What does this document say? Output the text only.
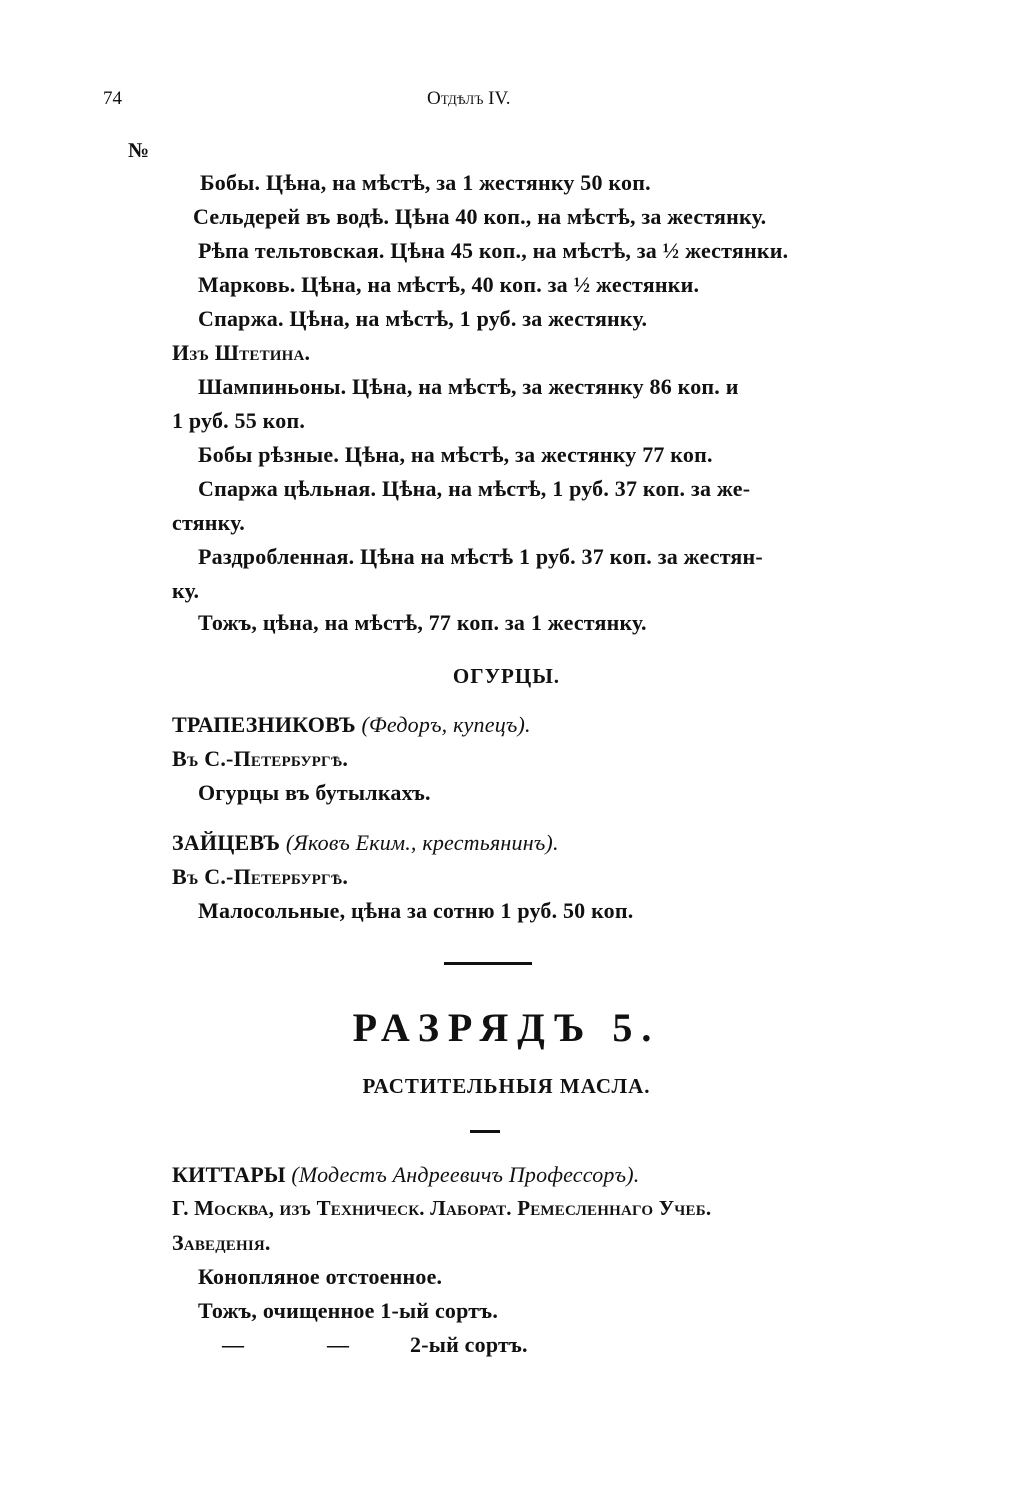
74	Отдѣлъ IV.
№
Бобы. Цѣна, на мѣстѣ, за 1 жестянку 50 коп.
Сельдерей въ водѣ. Цѣна 40 коп., на мѣстѣ, за жестянку.
Рѣпа тельтовская. Цѣна 45 коп., на мѣстѣ, за ½ жестянки.
Марковь. Цѣна, на мѣстѣ, 40 коп. за ½ жестянки.
Спаржа. Цѣна, на мѣстѣ, 1 руб. за жестянку.
Изъ Штетина.
Шампиньоны. Цѣна, на мѣстѣ, за жестянку 86 коп. и
1 руб. 55 коп.
Бобы рѣзные. Цѣна, на мѣстѣ, за жестянку 77 коп.
Спаржа цѣльная. Цѣна, на мѣстѣ, 1 руб. 37 коп. за же-
стянку.
Раздробленная. Цѣна на мѣстѣ 1 руб. 37 коп. за жестян-
ку.
Тожъ, цѣна, на мѣстѣ, 77 коп. за 1 жестянку.
ОГУРЦЫ.
ТРАПЕЗНИКОВЪ (Федоръ, купецъ).
Въ С.-Петербургѣ.
Огурцы въ бутылкахъ.
ЗАЙЦЕВЪ (Яковъ Еким., крестьянинъ).
Въ С.-Петербургѣ.
Малосольные, цѣна за сотню 1 руб. 50 коп.
РАЗРЯДЪ 5.
РАСТИТЕЛЬНЫЯ МАСЛА.
КИТТАРЫ (Модестъ Андреевичъ Профессоръ).
Г. Москва, изъ Техническ. Лаборат. Ремесленнаго Учеб.
Заведенія.
Конопляное отстоенное.
Тожъ, очищенное 1-ый сортъ.
—	—	2-ый сортъ.
